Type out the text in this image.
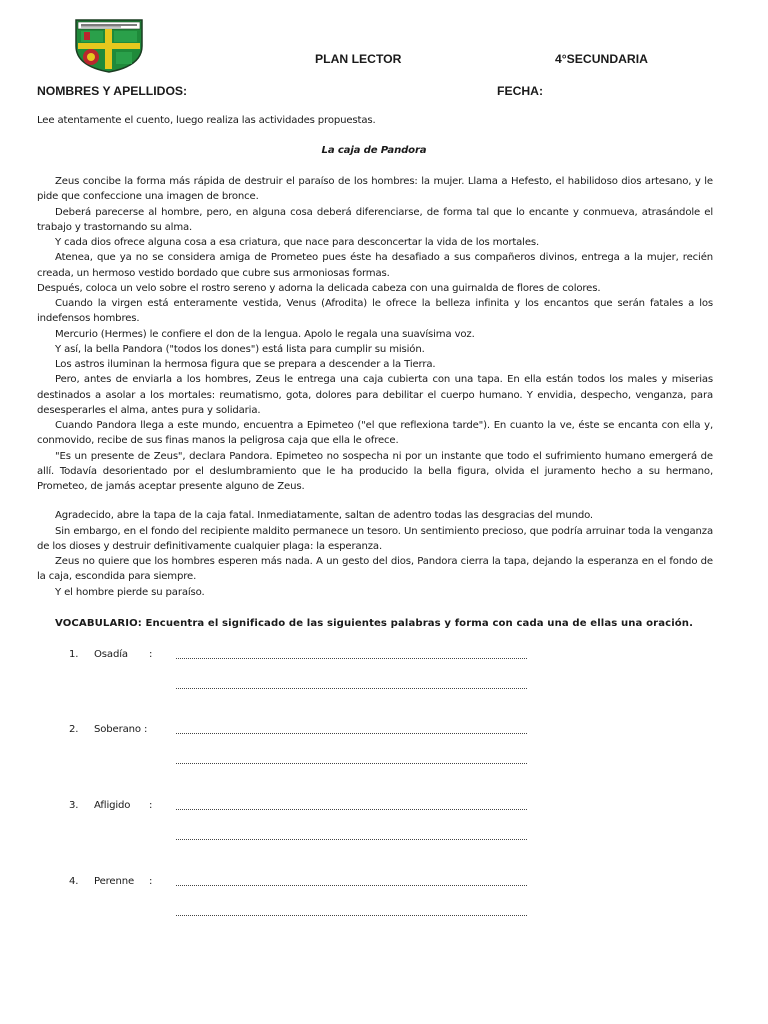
PLAN LECTOR	4°SECUNDARIA
NOMBRES Y APELLIDOS:	FECHA:
Lee atentamente el cuento, luego realiza las actividades propuestas.
La caja de Pandora

Zeus concibe la forma más rápida de destruir el paraíso de los hombres: la mujer. Llama a Hefesto, el habilidoso dios artesano, y le pide que confeccione una imagen de bronce.

Deberá parecerse al hombre, pero, en alguna cosa deberá diferenciarse, de forma tal que lo encante y conmueva, atrasándole el trabajo y trastornando su alma.

Y cada dios ofrece alguna cosa a esa criatura, que nace para desconcertar la vida de los mortales.

Atenea, que ya no se considera amiga de Prometeo pues éste ha desafiado a sus compañeros divinos, entrega a la mujer, recién creada, un hermoso vestido bordado que cubre sus armoniosas formas.

Después, coloca un velo sobre el rostro sereno y adorna la delicada cabeza con una guirnalda de flores de colores.

Cuando la virgen está enteramente vestida, Venus (Afrodita) le ofrece la belleza infinita y los encantos que serán fatales a los indefensos hombres.

Mercurio (Hermes) le confiere el don de la lengua. Apolo le regala una suavísima voz.

Y así, la bella Pandora ("todos los dones") está lista para cumplir su misión.

Los astros iluminan la hermosa figura que se prepara a descender a la Tierra.

Pero, antes de enviarla a los hombres, Zeus le entrega una caja cubierta con una tapa. En ella están todos los males y miserias destinados a asolar a los mortales: reumatismo, gota, dolores para debilitar el cuerpo humano. Y envidia, despecho, venganza, para desesperarles el alma, antes pura y solidaria.

Cuando Pandora llega a este mundo, encuentra a Epimeteo ("el que reflexiona tarde"). En cuanto la ve, éste se encanta con ella y, conmovido, recibe de sus finas manos la peligrosa caja que ella le ofrece.

"Es un presente de Zeus", declara Pandora. Epimeteo no sospecha ni por un instante que todo el sufrimiento humano emergerá de allí. Todavía desorientado por el deslumbramiento que le ha producido la bella figura, olvida el juramento hecho a su hermano, Prometeo, de jamás aceptar presente alguno de Zeus.

Agradecido, abre la tapa de la caja fatal. Inmediatamente, saltan de adentro todas las desgracias del mundo.

Sin embargo, en el fondo del recipiente maldito permanece un tesoro. Un sentimiento precioso, que podría arruinar toda la venganza de los dioses y destruir definitivamente cualquier plaga: la esperanza.

Zeus no quiere que los hombres esperen más nada. A un gesto del dios, Pandora cierra la tapa, dejando la esperanza en el fondo de la caja, escondida para siempre.

Y el hombre pierde su paraíso.

VOCABULARIO: Encuentra el significado de las siguientes palabras y forma con cada una de ellas una oración.
1. Osadía :
2. Soberano :
3. Afligido :
4. Perenne :
